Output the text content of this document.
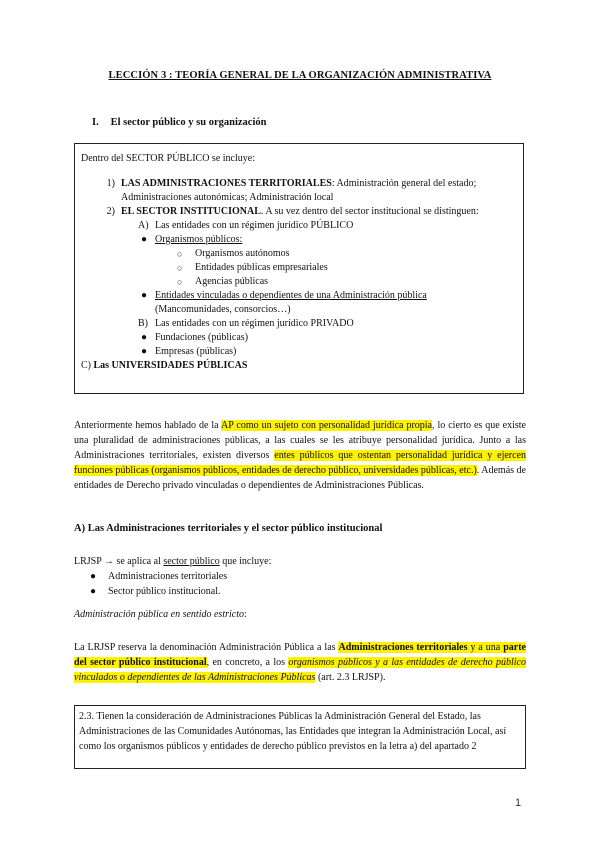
LECCIÓN 3 : TEORÍA GENERAL DE LA ORGANIZACIÓN ADMINISTRATIVA
I. El sector público y su organización
Dentro del SECTOR PÚBLICO se incluye:
1) LAS ADMINISTRACIONES TERRITORIALES: Administración general del estado;
Administraciones autonómicas; Administración local
2) EL SECTOR INSTITUCIONAL. A su vez dentro del sector institucional se distinguen:
A) Las entidades con un régimen jurídico PÚBLICO
● Organismos públicos:
○	Organismos autónomos
○	Entidades públicas empresariales
○	Agencias públicas
● Entidades vinculadas o dependientes de una Administración pública
(Mancomunidades, consorcios…)
B) Las entidades con un régimen jurídico PRIVADO
● Fundaciones (públicas)
● Empresas (públicas)
C) Las UNIVERSIDADES PÚBLICAS
Anteriormente hemos hablado de la AP como un sujeto con personalidad jurídica propia, lo cierto es que existe una pluralidad de administraciones públicas, a las cuales se les atribuye personalidad jurídica. Junto a las Administraciones territoriales, existen diversos entes públicos que ostentan personalidad jurídica y ejercen funciones públicas (organismos públicos, entidades de derecho público, universidades públicas, etc.). Además de entidades de Derecho privado vinculadas o dependientes de Administraciones Públicas.
A) Las Administraciones territoriales y el sector público institucional
LRJSP → se aplica al sector público que incluye:
●	Administraciones territoriales
●	Sector público institucional.
Administración pública en sentido estricto:
La LRJSP reserva la denominación Administración Pública a las Administraciones territoriales y a una parte del sector público institucional, en concreto, a los organismos públicos y a las entidades de derecho público vinculados o dependientes de las Administraciones Públicas (art. 2.3 LRJSP).
2.3. Tienen la consideración de Administraciones Públicas la Administración General del Estado, las Administraciones de las Comunidades Autónomas, las Entidades que integran la Administración Local, así como los organismos públicos y entidades de derecho público previstos en la letra a) del apartado 2
1
